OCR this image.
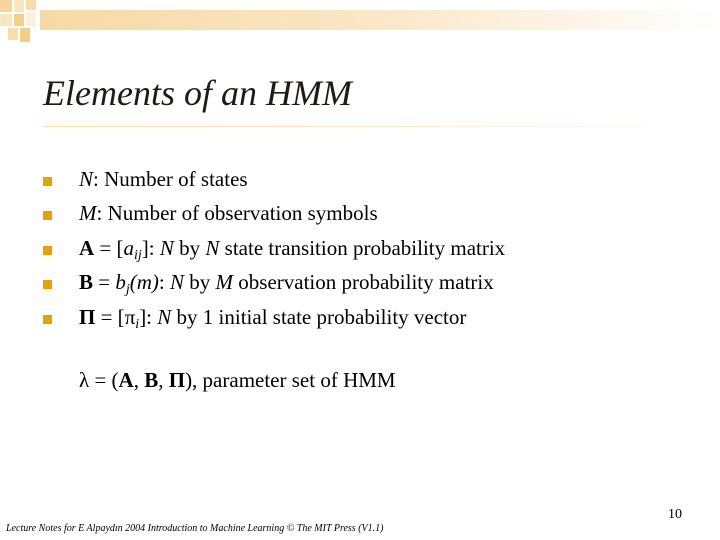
Elements of an HMM
N: Number of states
M: Number of observation symbols
$A = [a_{ij}]$: N by N state transition probability matrix
$B = b_j(m)$: N by M observation probability matrix
$\Pi = [\pi_i]$: N by 1 initial state probability vector
λ = (A, B, Π), parameter set of HMM
10
Lecture Notes for E Alpaydın 2004 Introduction to Machine Learning © The MIT Press (V1.1)
